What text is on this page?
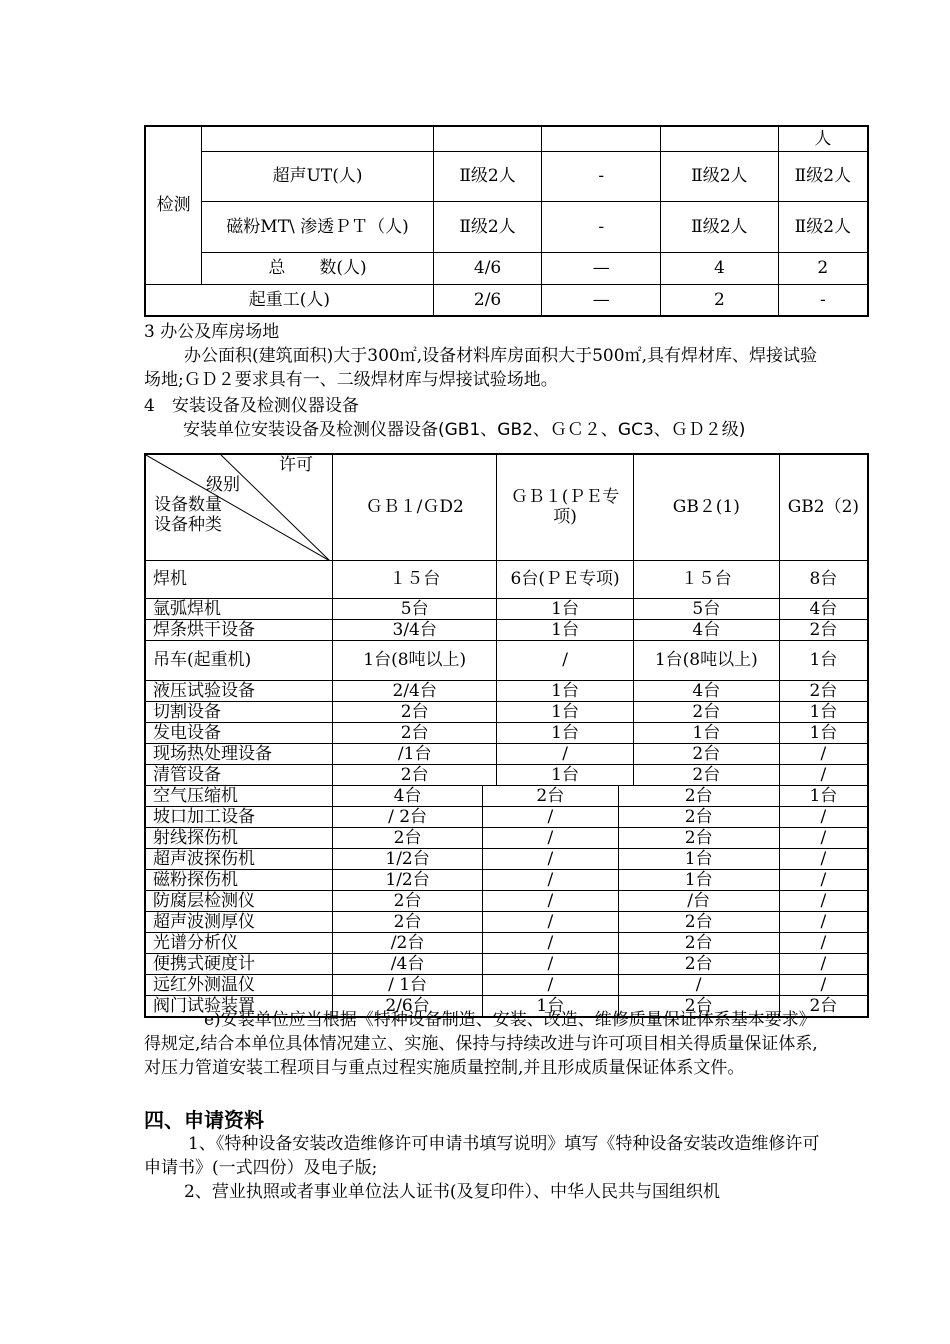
检测					人
	超声UT(人)	Ⅱ级2人	-	Ⅱ级2人	Ⅱ级2人
	磁粉MT\ 渗透ＰＴ（人)	Ⅱ级2人	-	Ⅱ级2人	Ⅱ级2人
	总　　数(人)	4/6	—	4	2
起重工(人)		2/6	—	2	-
3 办公及库房场地
办公面积(建筑面积)大于300㎡,设备材料库房面积大于500㎡,具有焊材库、焊接试验场地;ＧＤ２要求具有一、二级焊材库与焊接试验场地。
4　安装设备及检测仪器设备
安装单位安装设备及检测仪器设备(GB1、GB2、ＧＣ２、GC3、ＧＤ２级)
许可
级别
设备数量
设备种类	ＧＢ１/ＧD2		ＧＢ１(ＰＥ专项)		GB２(1)	GB2（2)
焊机	１５台		6台(ＰＥ专项)		１５台	8台
氩弧焊机	5台		1台		5台	4台
焊条烘干设备	3/4台		1台		4台	2台
吊车(起重机)	1台(8吨以上)		/		1台(8吨以上)	1台
液压试验设备	2/4台		1台		4台	2台
切割设备	2台		1台		2台	1台
发电设备	2台		1台		1台	1台
现场热处理设备	/1台		/		2台	/
清管设备	2台		1台		2台	/
空气压缩机	4台	2台		2台		1台
坡口加工设备	/ 2台	/		2台		/
射线探伤机	2台	/		2台		/
超声波探伤机	1/2台	/		1台		/
磁粉探伤机	1/2台	/		1台		/
防腐层检测仪	2台	/		/台		/
超声波测厚仪	2台	/		2台		/
光谱分析仪	/2台	/		2台		/
便携式硬度计	/4台	/		2台		/
远红外测温仪	/ 1台	/		/		/
阀门试验装置	2/6台	1台		2台		2台
e)安装单位应当根据《特种设备制造、安装、改造、维修质量保证体系基本要求》得规定,结合本单位具体情况建立、实施、保持与持续改进与许可项目相关得质量保证体系,对压力管道安装工程项目与重点过程实施质量控制,并且形成质量保证体系文件。
四、申请资料
1、《特种设备安装改造维修许可申请书填写说明》填写《特种设备安装改造维修许可申请书》(一式四份）及电子版;
2、营业执照或者事业单位法人证书(及复印件）、中华人民共与国组织机
